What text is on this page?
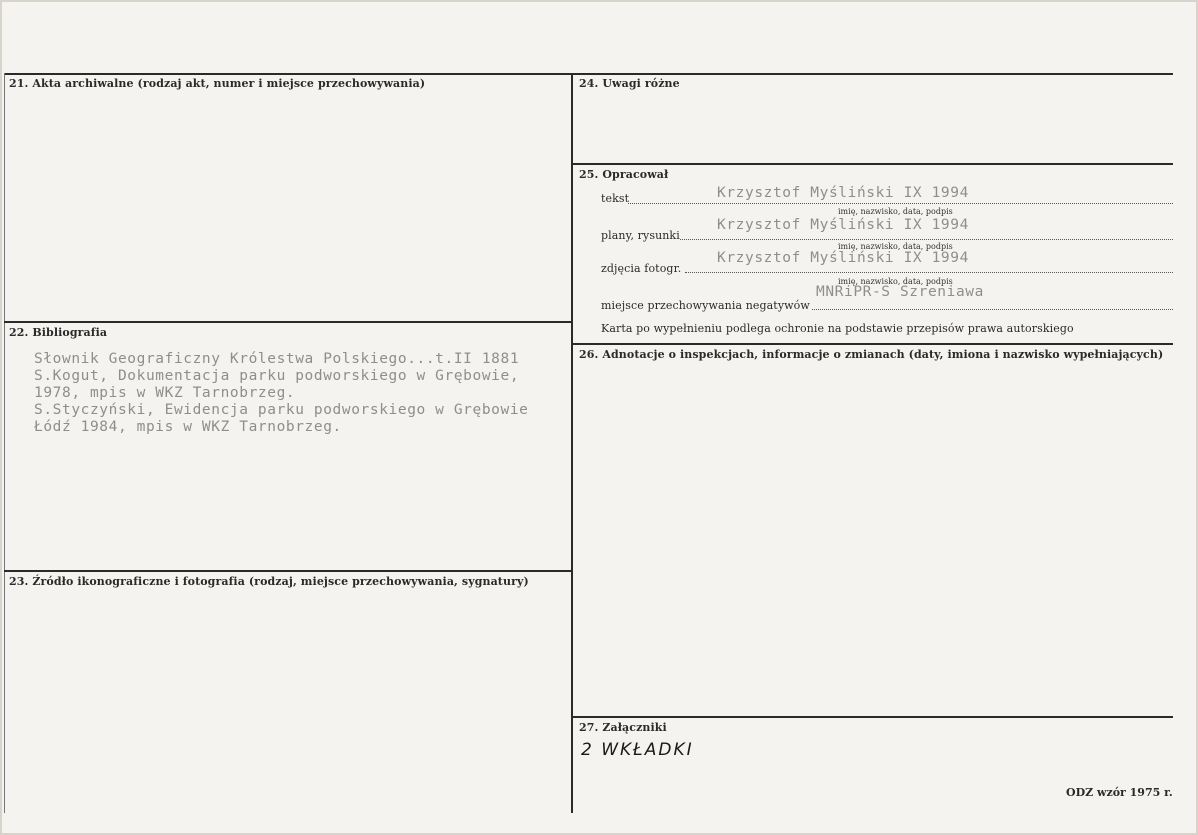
21. Akta archiwalne (rodzaj akt, numer i miejsce przechowywania)
22. Bibliografia
Słownik Geograficzny Królestwa Polskiego...t.II 1881
S.Kogut, Dokumentacja parku podworskiego w Grębowie,
1978, mpis w WKZ Tarnobrzeg.
S.Styczyński, Ewidencja parku podworskiego w Grębowie
Łódź 1984, mpis w WKZ Tarnobrzeg.
23. Źródło ikonograficzne i fotografia (rodzaj, miejsce przechowywania, sygnatury)
24. Uwagi różne
25. Opracował
tekst	Krzysztof Myśliński IX 1994
imię, nazwisko, data, podpis
plany, rysunki
Krzysztof Myśliński IX 1994
imię, nazwisko, data, podpis
zdjęcia fotogr.
Krzysztof Myśliński IX 1994
imię, nazwisko, data, podpis
miejsce przechowywania negatywów
MNRiPR-S Szreniawa
Karta po wypełnieniu podlega ochronie na podstawie przepisów prawa autorskiego
26. Adnotacje o inspekcjach, informacje o zmianach (daty, imiona i nazwisko wypełniających)
27. Załączniki
2 WKŁADKI
ODZ wzór 1975 r.
